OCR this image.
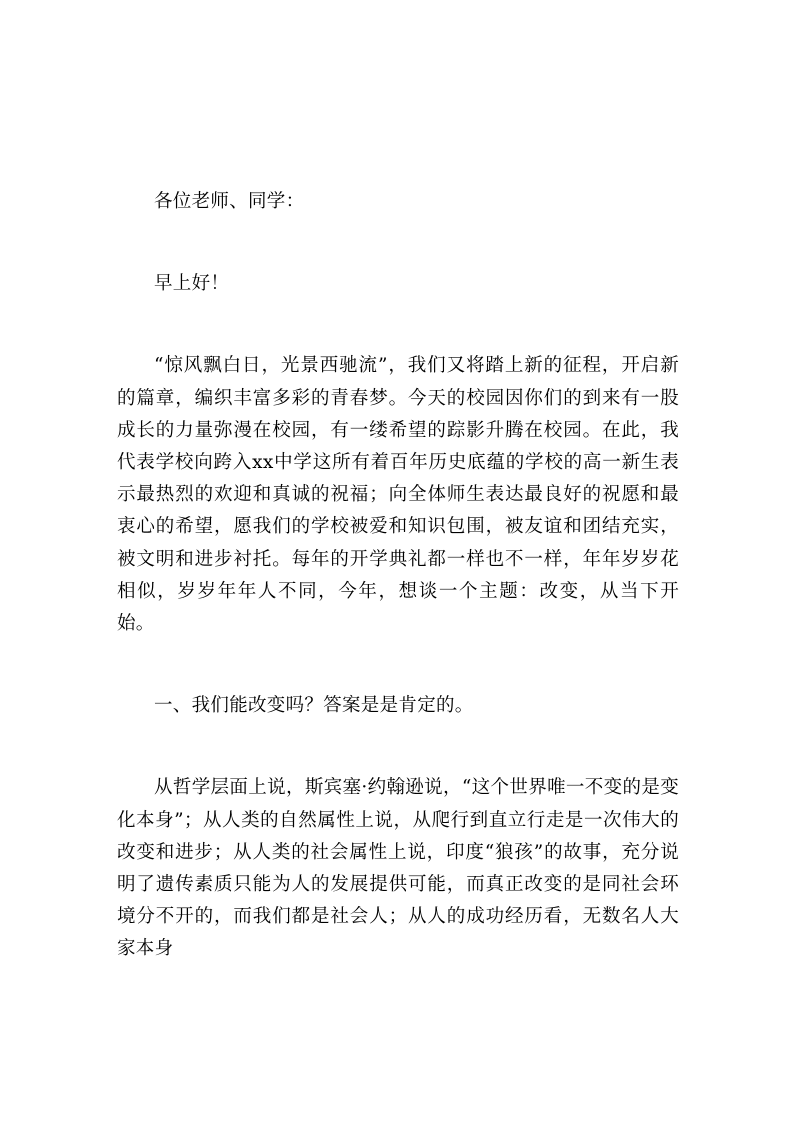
各位老师、同学：

早上好！

“惊风飘白日，光景西驰流”，我们又将踏上新的征程，开启新的篇章，编织丰富多彩的青春梦。今天的校园因你们的到来有一股成长的力量弥漫在校园，有一缕希望的踪影升腾在校园。在此，我代表学校向跨入xx中学这所有着百年历史底蕴的学校的高一新生表示最热烈的欢迎和真诚的祝福；向全体师生表达最良好的祝愿和最衷心的希望，愿我们的学校被爱和知识包围，被友谊和团结充实，被文明和进步衬托。每年的开学典礼都一样也不一样，年年岁岁花相似，岁岁年年人不同，今年，想谈一个主题：改变，从当下开始。

一、我们能改变吗？答案是是肯定的。

从哲学层面上说，斯宾塞·约翰逊说，“这个世界唯一不变的是变化本身”；从人类的自然属性上说，从爬行到直立行走是一次伟大的改变和进步；从人类的社会属性上说，印度“狼孩”的故事，充分说明了遗传素质只能为人的发展提供可能，而真正改变的是同社会环境分不开的，而我们都是社会人；从人的成功经历看，无数名人大家本身
